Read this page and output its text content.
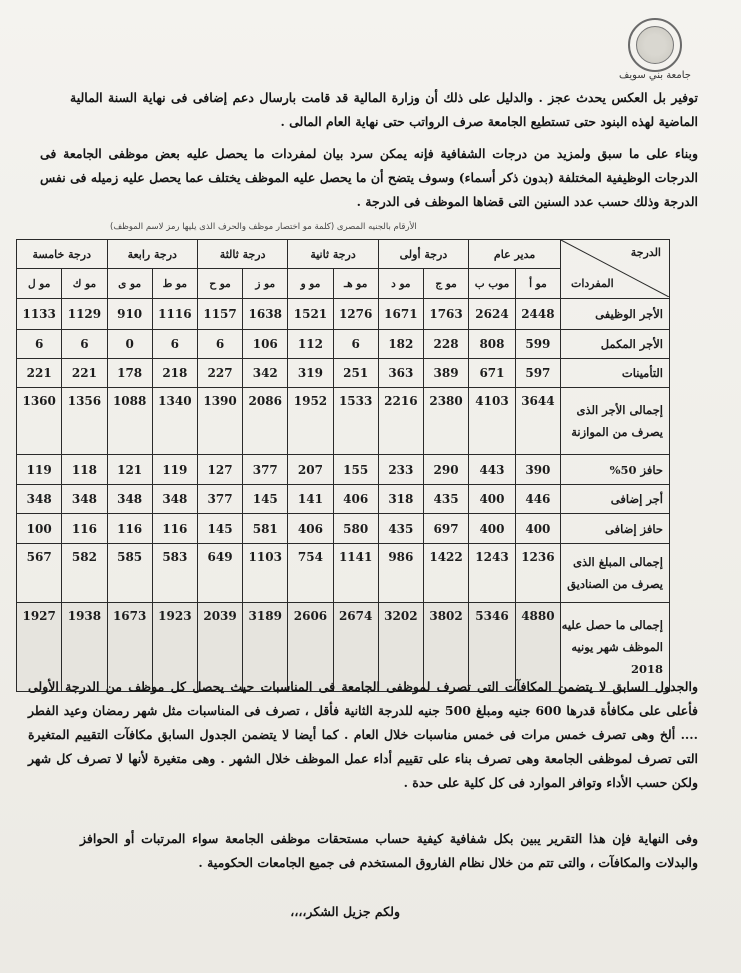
جامعة بني سويف
توفير بل العكس يحدث عجز . والدليل على ذلك أن وزارة المالية قد قامت بارسال دعم إضافى فى نهاية السنة المالية الماضية لهذه البنود حتى تستطيع الجامعة صرف الرواتب حتى نهاية العام المالى .
وبناء على ما سبق ولمزيد من درجات الشفافية فإنه يمكن سرد بيان لمفردات ما يحصل عليه بعض موظفى الجامعة فى الدرجات الوظيفية المختلفة (بدون ذكر أسماء) وسوف يتضح أن ما يحصل عليه الموظف يختلف عما يحصل عليه زميله فى نفس الدرجة وذلك حسب عدد السنين التى قضاها الموظف فى الدرجة .
الأرقام بالجنيه المصرى (كلمة مو اختصار موظف والحرف الذى يليها رمز لاسم الموظف)
الدرجة
المفردات	مدير عام		درجة أولى		درجة ثانية		درجة ثالثة		درجة رابعة		درجة خامسة	
	مو أ	موب ب	مو ج	مو د	مو هـ	مو و	مو ز	مو ح	مو ط	مو ى	مو ك	مو ل
الأجر الوظيفى	2448	2624	1763	1671	1276	1521	1638	1157	1116	910	1129	1133
الأجر المكمل	599	808	228	182	6	112	106	6	6	0	6	6
التأمينات	597	671	389	363	251	319	342	227	218	178	221	221
إجمالى الأجر الذى يصرف من الموازنة	3644	4103	2380	2216	1533	1952	2086	1390	1340	1088	1356	1360
حافز 50%	390	443	290	233	155	207	377	127	119	121	118	119
أجر إضافى	446	400	435	318	406	141	145	377	348	348	348	348
حافز إضافى	400	400	697	435	580	406	581	145	116	116	116	100
إجمالى المبلغ الذى يصرف من الصناديق	1236	1243	1422	986	1141	754	1103	649	583	585	582	567
إجمالى ما حصل عليه الموظف شهر يونيه 2018	4880	5346	3802	3202	2674	2606	3189	2039	1923	1673	1938	1927
والجدول السابق لا يتضمن المكافآت التى تصرف لموظفى الجامعة فى المناسبات حيث يحصل كل موظف من الدرجة الأولى فأعلى على مكافأة قدرها 600 جنيه ومبلغ 500 جنيه للدرجة الثانية فأقل ، تصرف فى المناسبات مثل شهر رمضان وعيد الفطر .... ألخ وهى تصرف خمس مرات فى خمس مناسبات خلال العام . كما أيضا لا يتضمن الجدول السابق مكافآت التقييم المتغيرة التى تصرف لموظفى الجامعة وهى تصرف بناء على تقييم أداء عمل الموظف خلال الشهر . وهى متغيرة لأنها لا تصرف كل شهر ولكن حسب الأداء وتوافر الموارد فى كل كلية على حدة .
وفى النهاية فإن هذا التقرير يبين بكل شفافية كيفية حساب مستحقات موظفى الجامعة سواء المرتبات أو الحوافز والبدلات والمكافآت ، والتى تتم من خلال نظام الفاروق المستخدم فى جميع الجامعات الحكومية .
ولكم جزيل الشكر،،،،
